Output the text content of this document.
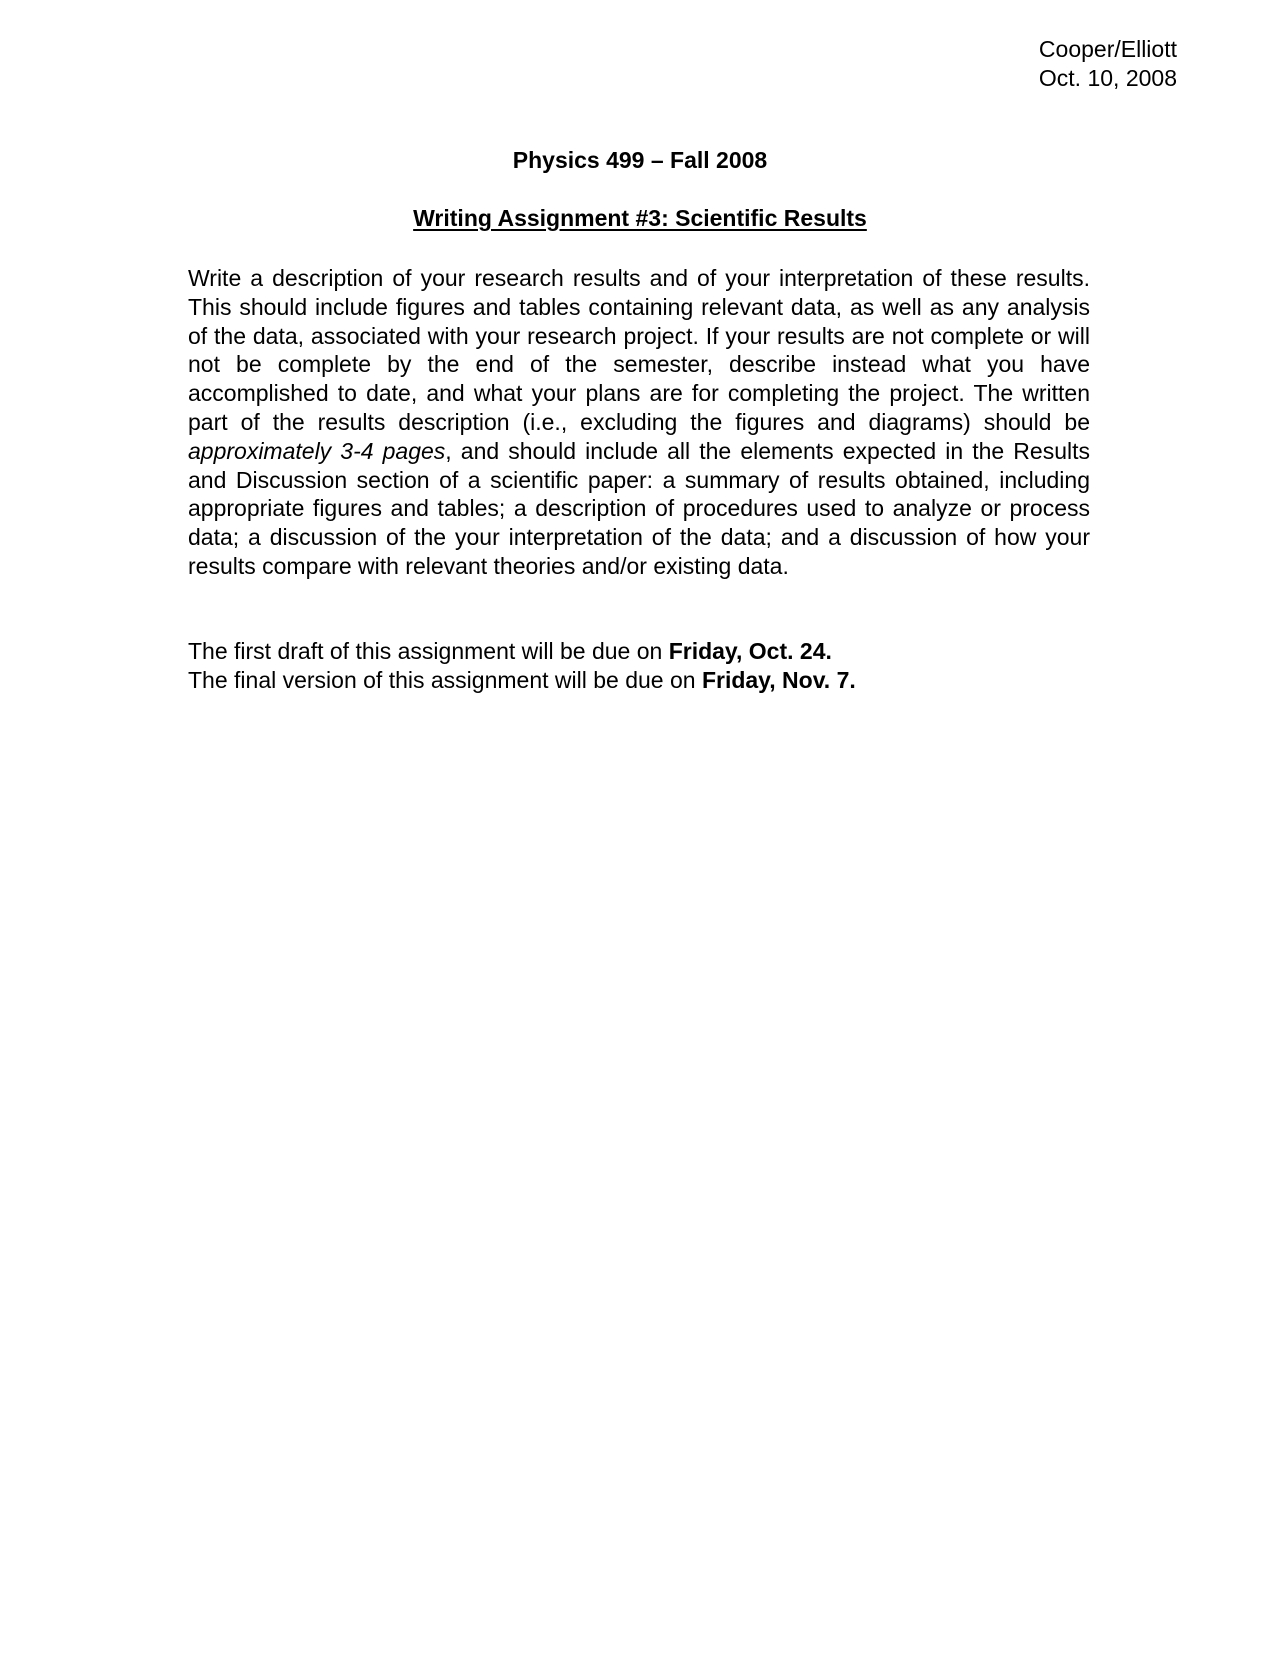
Cooper/Elliott
Oct. 10, 2008
Physics 499 – Fall 2008
Writing Assignment #3: Scientific Results

Write a description of your research results and of your interpretation of these results. This should include figures and tables containing relevant data, as well as any analysis of the data, associated with your research project. If your results are not complete or will not be complete by the end of the semester, describe instead what you have accomplished to date, and what your plans are for completing the project. The written part of the results description (i.e., excluding the figures and diagrams) should be approximately 3-4 pages, and should include all the elements expected in the Results and Discussion section of a scientific paper: a summary of results obtained, including appropriate figures and tables; a description of procedures used to analyze or process data; a discussion of the your interpretation of the data; and a discussion of how your results compare with relevant theories and/or existing data.

The first draft of this assignment will be due on Friday, Oct. 24.
The final version of this assignment will be due on Friday, Nov. 7.
